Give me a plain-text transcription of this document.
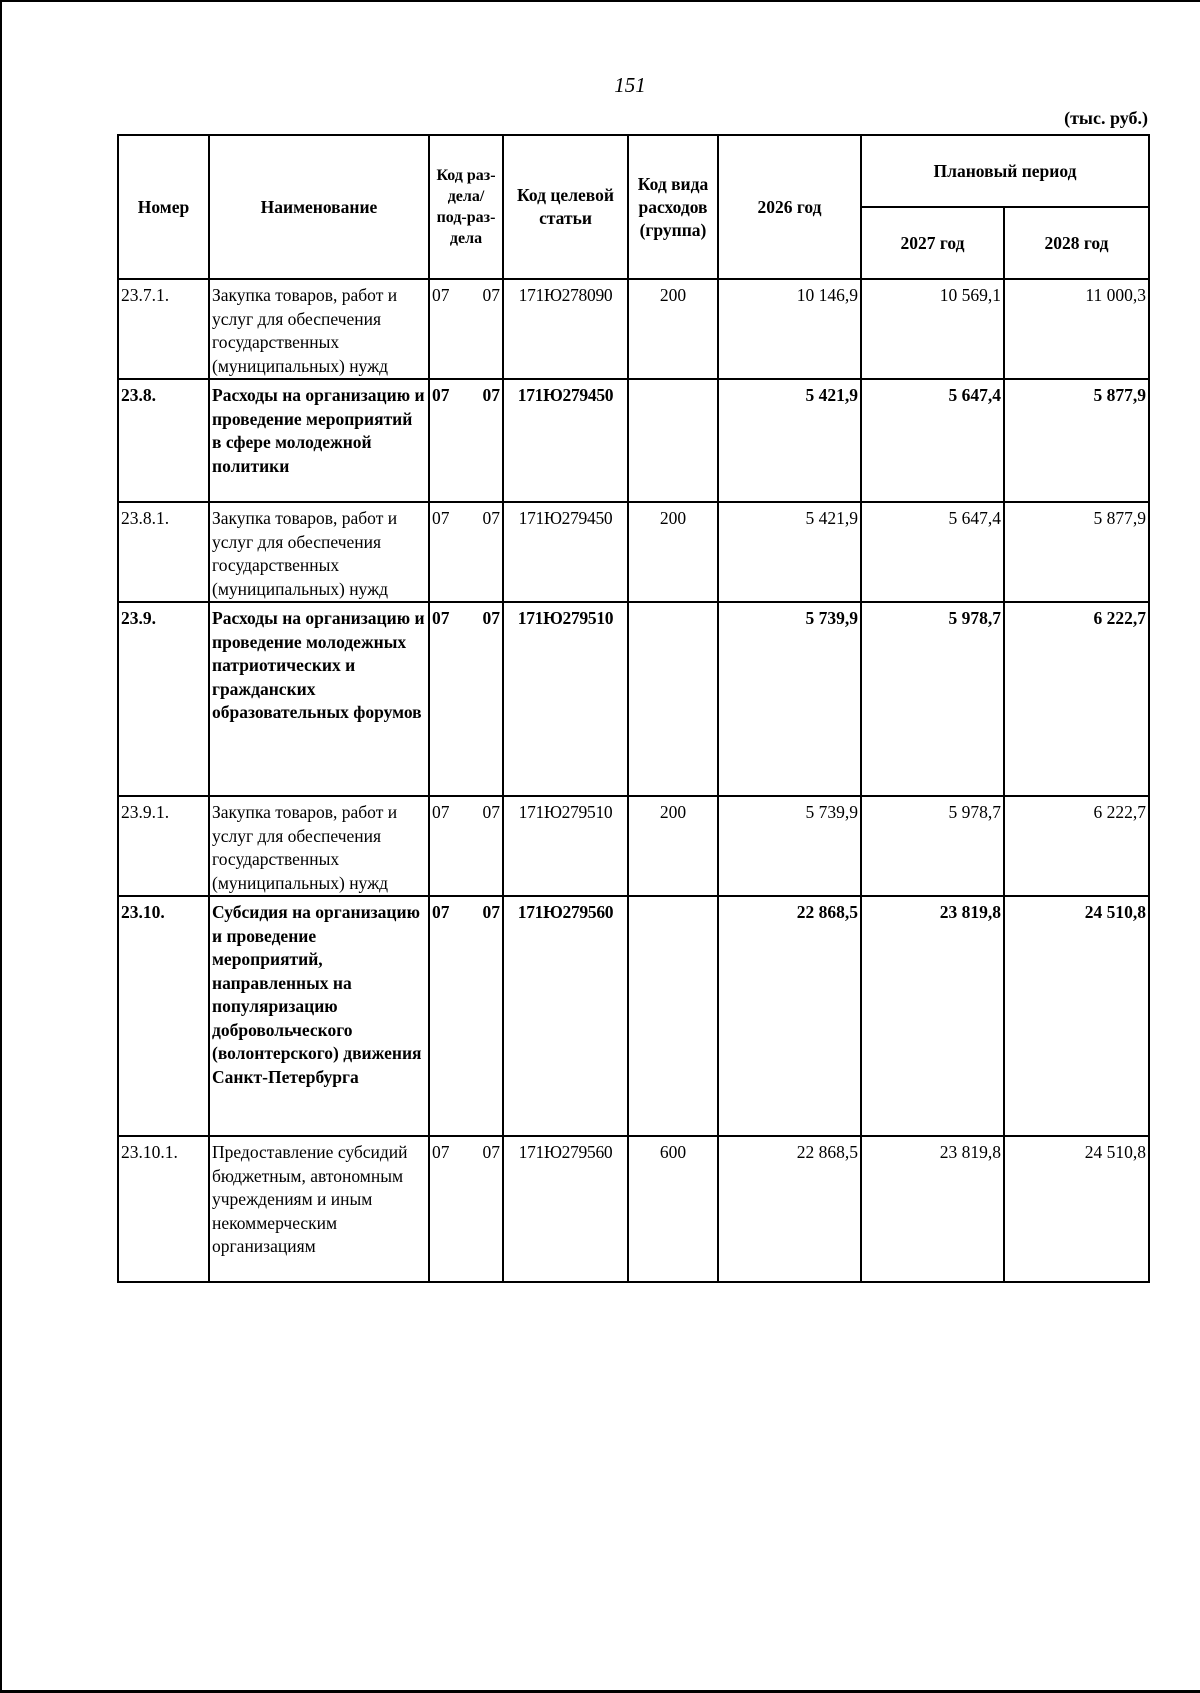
151
(тыс. руб.)
Номер	Наименование	Код раз-дела/ под-раз-дела	Код целевой статьи	Код вида расходов (группа)	2026 год	Плановый период	
						2027 год	2028 год
23.7.1.	Закупка товаров, работ и услуг для обеспечения государственных (муниципальных) нужд	07 07	171Ю278090	200	10 146,9	10 569,1	11 000,3
23.8.	Расходы на организацию и проведение мероприятий в сфере молодежной политики	07 07	171Ю279450		5 421,9	5 647,4	5 877,9
23.8.1.	Закупка товаров, работ и услуг для обеспечения государственных (муниципальных) нужд	07 07	171Ю279450	200	5 421,9	5 647,4	5 877,9
23.9.	Расходы на организацию и проведение молодежных патриотических и гражданских образовательных форумов	07 07	171Ю279510		5 739,9	5 978,7	6 222,7
23.9.1.	Закупка товаров, работ и услуг для обеспечения государственных (муниципальных) нужд	07 07	171Ю279510	200	5 739,9	5 978,7	6 222,7
23.10.	Субсидия на организацию и проведение мероприятий, направленных на популяризацию добровольческого (волонтерского) движения Санкт-Петербурга	07 07	171Ю279560		22 868,5	23 819,8	24 510,8
23.10.1.	Предоставление субсидий бюджетным, автономным учреждениям и иным некоммерческим организациям	07 07	171Ю279560	600	22 868,5	23 819,8	24 510,8
